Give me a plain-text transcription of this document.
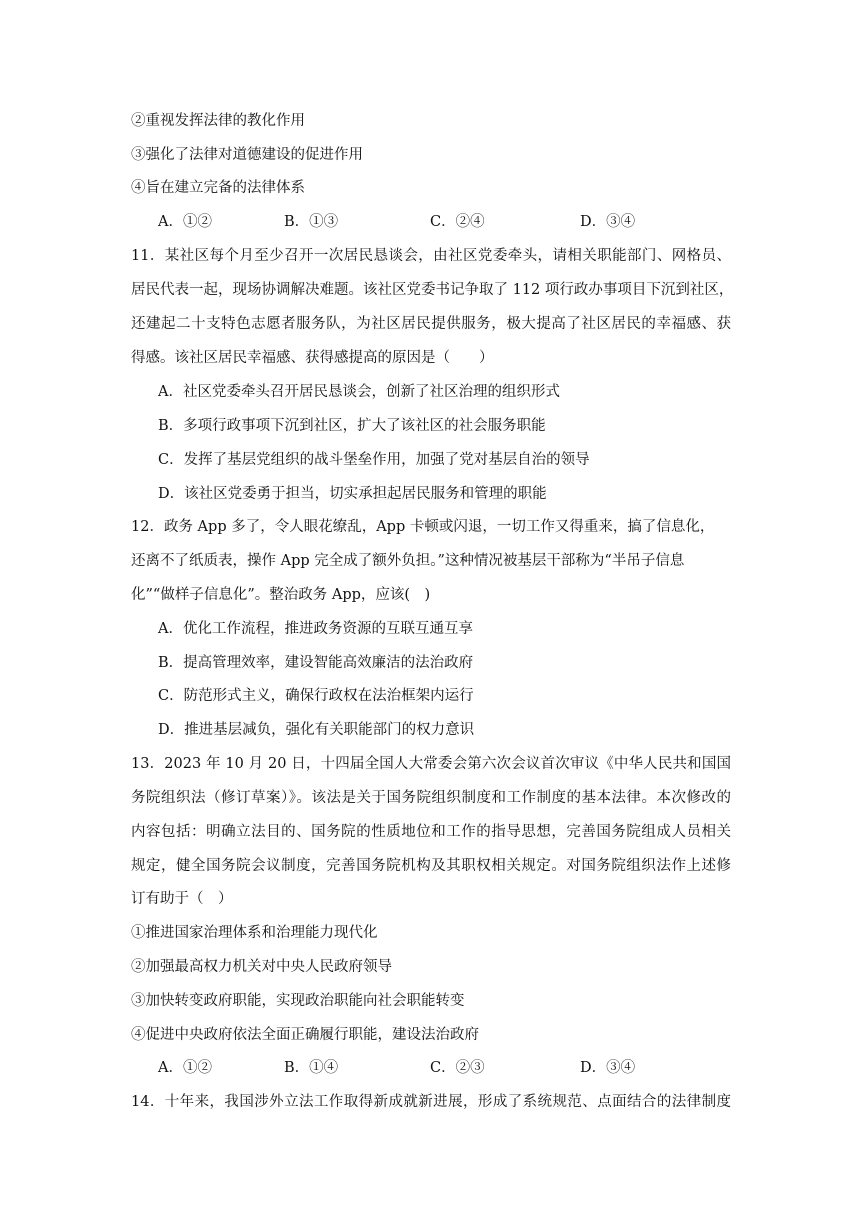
②重视发挥法律的教化作用
③强化了法律对道德建设的促进作用
④旨在建立完备的法律体系
A．①②	B．①③	C．②④	D．③④
11．某社区每个月至少召开一次居民恳谈会，由社区党委牵头，请相关职能部门、网格员、
居民代表一起，现场协调解决难题。该社区党委书记争取了 112 项行政办事项目下沉到社区，
还建起二十支特色志愿者服务队，为社区居民提供服务，极大提高了社区居民的幸福感、获
得感。该社区居民幸福感、获得感提高的原因是（　　）
A．社区党委牵头召开居民恳谈会，创新了社区治理的组织形式
B．多项行政事项下沉到社区，扩大了该社区的社会服务职能
C．发挥了基层党组织的战斗堡垒作用，加强了党对基层自治的领导
D．该社区党委勇于担当，切实承担起居民服务和管理的职能
12．政务 App 多了，令人眼花缭乱，App 卡顿或闪退，一切工作又得重来，搞了信息化，
还离不了纸质表，操作 App 完全成了额外负担。”这种情况被基层干部称为“半吊子信息
化”“做样子信息化”。整治政务 App，应该(　)
A．优化工作流程，推进政务资源的互联互通互享
B．提高管理效率，建设智能高效廉洁的法治政府
C．防范形式主义，确保行政权在法治框架内运行
D．推进基层减负，强化有关职能部门的权力意识
13．2023 年 10 月 20 日，十四届全国人大常委会第六次会议首次审议《中华人民共和国国
务院组织法（修订草案）》。该法是关于国务院组织制度和工作制度的基本法律。本次修改的
内容包括：明确立法目的、国务院的性质地位和工作的指导思想，完善国务院组成人员相关
规定，健全国务院会议制度，完善国务院机构及其职权相关规定。对国务院组织法作上述修
订有助于（　）
①推进国家治理体系和治理能力现代化
②加强最高权力机关对中央人民政府领导
③加快转变政府职能，实现政治职能向社会职能转变
④促进中央政府依法全面正确履行职能，建设法治政府
A．①②	B．①④	C．②③	D．③④
14．十年来，我国涉外立法工作取得新成就新进展，形成了系统规范、点面结合的法律制度
